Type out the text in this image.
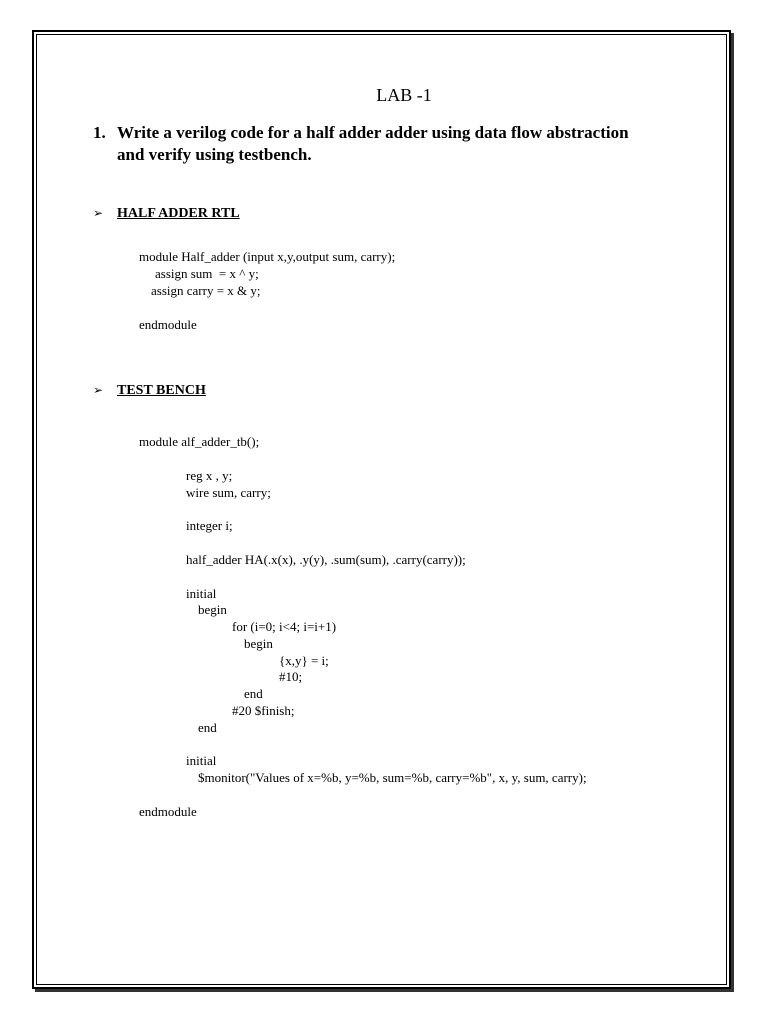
LAB -1
1. Write a verilog code for a half adder adder using data flow abstraction
and verify using testbench.
➢ HALF ADDER RTL
module Half_adder (input x,y,output sum, carry);
assign sum  = x ^ y;
assign carry = x & y;
endmodule
➢ TEST BENCH
module alf_adder_tb();
reg x , y;
wire sum, carry;
integer i;
half_adder HA(.x(x), .y(y), .sum(sum), .carry(carry));
initial
begin
for (i=0; i<4; i=i+1)
begin
{x,y} = i;
#10;
end
#20 $finish;
end
initial
$monitor("Values of x=%b, y=%b, sum=%b, carry=%b", x, y, sum, carry);
endmodule
